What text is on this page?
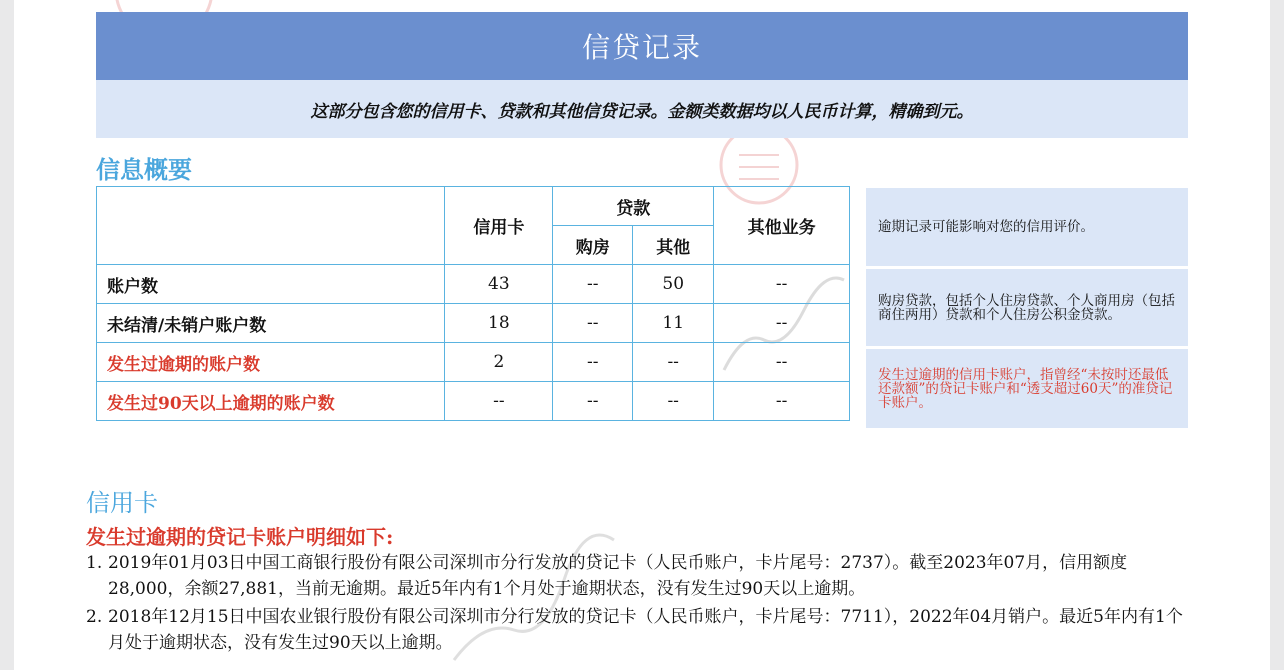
信贷记录
这部分包含您的信用卡、贷款和其他信贷记录。金额类数据均以人民币计算，精确到元。
信息概要
	信用卡	贷款		其他业务
		购房	其他	
账户数	43	--	50	--
未结清/未销户账户数	18	--	11	--
发生过逾期的账户数	2	--	--	--
发生过90天以上逾期的账户数	--	--	--	--
逾期记录可能影响对您的信用评价。
购房贷款，包括个人住房贷款、个人商用房（包括商住两用）贷款和个人住房公积金贷款。
发生过逾期的信用卡账户，指曾经“未按时还最低还款额”的贷记卡账户和“透支超过60天”的准贷记卡账户。
信用卡
发生过逾期的贷记卡账户明细如下:
1. 2019年01月03日中国工商银行股份有限公司深圳市分行发放的贷记卡（人民币账户，卡片尾号：2737）。截至2023年07月，信用额度28,000，余额27,881，当前无逾期。最近5年内有1个月处于逾期状态，没有发生过90天以上逾期。
2. 2018年12月15日中国农业银行股份有限公司深圳市分行发放的贷记卡（人民币账户，卡片尾号：7711），2022年04月销户。最近5年内有1个月处于逾期状态，没有发生过90天以上逾期。
